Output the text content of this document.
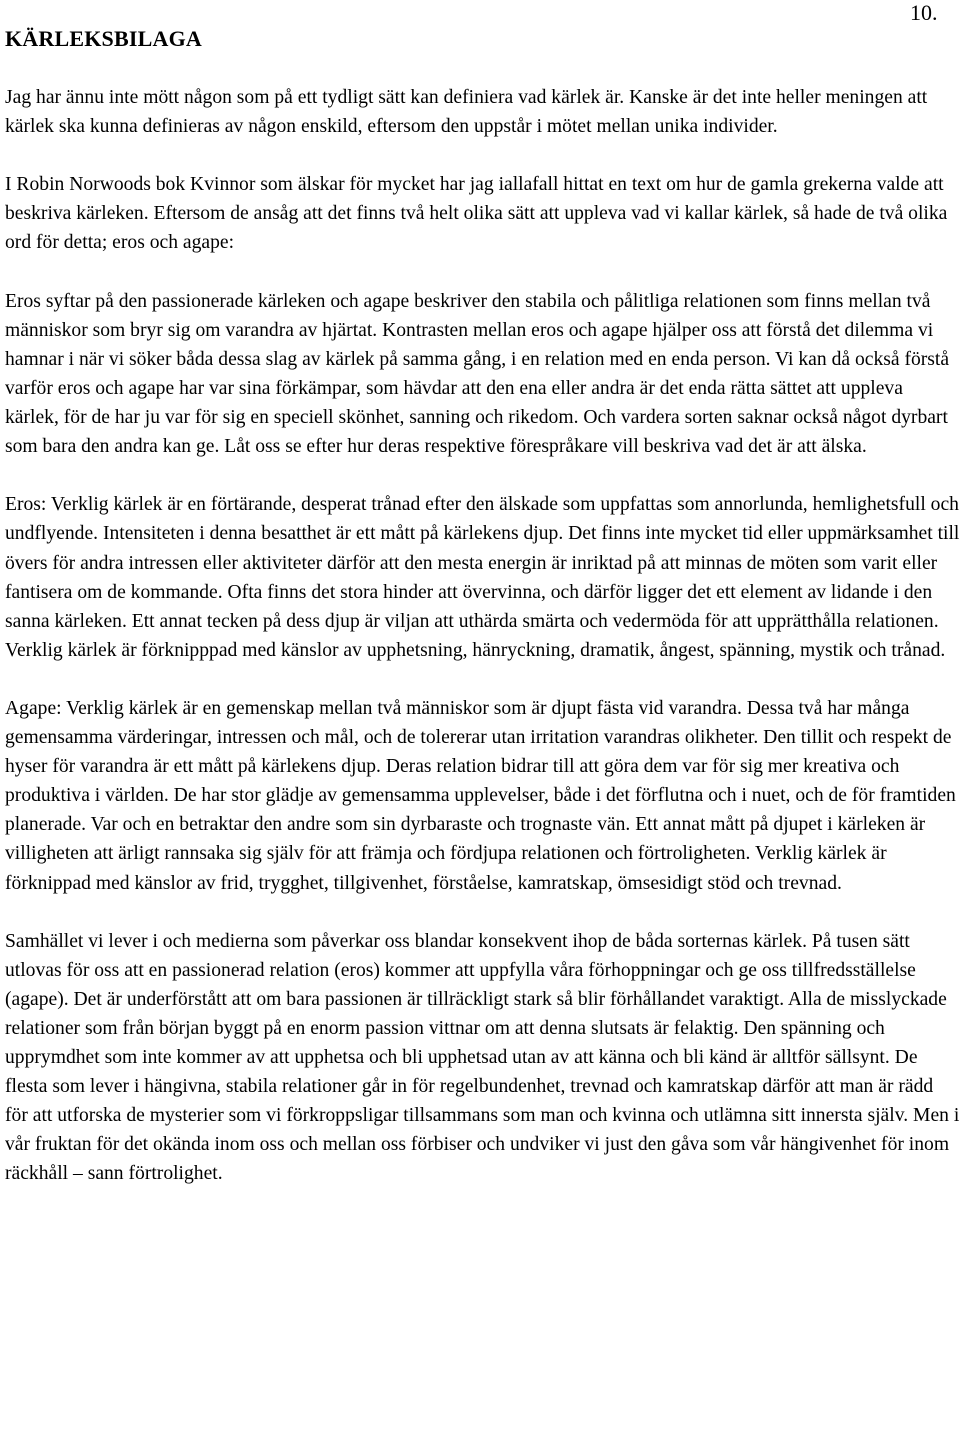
10.
KÄRLEKSBILAGA

Jag har ännu inte mött någon som på ett tydligt sätt kan definiera vad kärlek är. Kanske är det inte heller meningen att kärlek ska kunna definieras av någon enskild, eftersom den uppstår i mötet mellan unika individer.

I Robin Norwoods bok Kvinnor som älskar för mycket har jag iallafall hittat en text om hur de gamla grekerna valde att beskriva kärleken. Eftersom de ansåg att det finns två helt olika sätt att uppleva vad vi kallar kärlek, så hade de två olika ord för detta; eros och agape:

Eros syftar på den passionerade kärleken och agape beskriver den stabila och pålitliga relationen som finns mellan två människor som bryr sig om varandra av hjärtat. Kontrasten mellan eros och agape hjälper oss att förstå det dilemma vi hamnar i när vi söker båda dessa slag av kärlek på samma gång, i en relation med en enda person. Vi kan då också förstå varför eros och agape har var sina förkämpar, som hävdar att den ena eller andra är det enda rätta sättet att uppleva kärlek, för de har ju var för sig en speciell skönhet, sanning och rikedom. Och vardera sorten saknar också något dyrbart som bara den andra kan ge. Låt oss se efter hur deras respektive förespråkare vill beskriva vad det är att älska.

Eros: Verklig kärlek är en förtärande, desperat trånad efter den älskade som uppfattas som annorlunda, hemlighetsfull och undflyende. Intensiteten i denna besatthet är ett mått på kärlekens djup. Det finns inte mycket tid eller uppmärksamhet till övers för andra intressen eller aktiviteter därför att den mesta energin är inriktad på att minnas de möten som varit eller fantisera om de kommande. Ofta finns det stora hinder att övervinna, och därför ligger det ett element av lidande i den sanna kärleken. Ett annat tecken på dess djup är viljan att uthärda smärta och vedermöda för att upprätthålla relationen. Verklig kärlek är förknipppad med känslor av upphetsning, hänryckning, dramatik, ångest, spänning, mystik och trånad.

Agape: Verklig kärlek är en gemenskap mellan två människor som är djupt fästa vid varandra. Dessa två har många gemensamma värderingar, intressen och mål, och de tolererar utan irritation varandras olikheter. Den tillit och respekt de hyser för varandra är ett mått på kärlekens djup. Deras relation bidrar till att göra dem var för sig mer kreativa och produktiva i världen. De har stor glädje av gemensamma upplevelser, både i det förflutna och i nuet, och de för framtiden planerade. Var och en betraktar den andre som sin dyrbaraste och trognaste vän. Ett annat mått på djupet i kärleken är villigheten att ärligt rannsaka sig själv för att främja och fördjupa relationen och förtroligheten. Verklig kärlek är förknippad med känslor av frid, trygghet, tillgivenhet, förståelse, kamratskap, ömsesidigt stöd och trevnad.

Samhället vi lever i och medierna som påverkar oss blandar konsekvent ihop de båda sorternas kärlek. På tusen sätt utlovas för oss att en passionerad relation (eros) kommer att uppfylla våra förhoppningar och ge oss tillfredsställelse (agape). Det är underförstått att om bara passionen är tillräckligt stark så blir förhållandet varaktigt. Alla de misslyckade relationer som från början byggt på en enorm passion vittnar om att denna slutsats är felaktig. Den spänning och upprymdhet som inte kommer av att upphetsa och bli upphetsad utan av att känna och bli känd är alltför sällsynt. De flesta som lever i hängivna, stabila relationer går in för regelbundenhet, trevnad och kamratskap därför att man är rädd för att utforska de mysterier som vi förkroppsligar tillsammans som man och kvinna och utlämna sitt innersta själv. Men i vår fruktan för det okända inom oss och mellan oss förbiser och undviker vi just den gåva som vår hängivenhet för inom räckhåll – sann förtrolighet.
